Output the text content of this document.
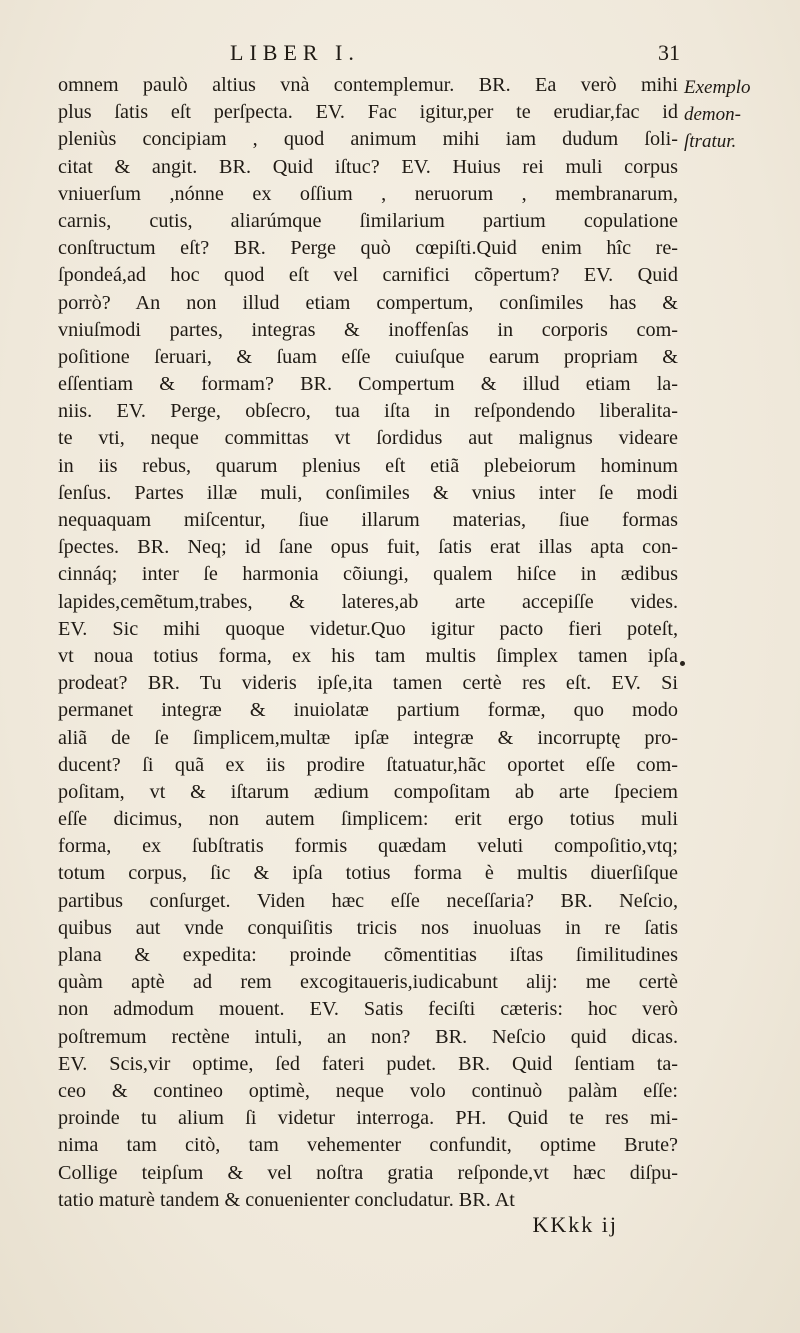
LIBER I.	31
omnem paulò altius vnà contemplemur. BR. Ea verò mihi
plus ſatis eſt perſpecta. EV. Fac igitur,per te erudiar,fac id
pleniùs concipiam , quod animum mihi iam dudum ſoli-
citat & angit. BR. Quid iſtuc? EV. Huius rei muli corpus
vniuerſum ,nónne ex oſſium , neruorum , membranarum,
carnis, cutis, aliarúmque ſimilarium partium copulatione
conſtructum eſt? BR. Perge quò cœpiſti.Quid enim hîc re-
ſpondeá,ad hoc quod eſt vel carnifici cõpertum? EV. Quid
porrò? An non illud etiam compertum, conſimiles has &
vniuſmodi partes, integras & inoffenſas in corporis com-
poſitione ſeruari, & ſuam eſſe cuiuſque earum propriam &
eſſentiam & formam? BR. Compertum & illud etiam la-
niis. EV. Perge, obſecro, tua iſta in reſpondendo liberalita-
te vti, neque committas vt ſordidus aut malignus videare
in iis rebus, quarum plenius eſt etiã plebeiorum hominum
ſenſus. Partes illæ muli, conſimiles & vnius inter ſe modi
nequaquam miſcentur, ſiue illarum materias, ſiue formas
ſpectes. BR. Neq; id ſane opus fuit, ſatis erat illas apta con-
cinnáq; inter ſe harmonia cõiungi, qualem hiſce in ædibus
lapides,cemẽtum,trabes, & lateres,ab arte accepiſſe vides.
EV. Sic mihi quoque videtur.Quo igitur pacto fieri poteſt,
vt noua totius forma, ex his tam multis ſimplex tamen ipſa
prodeat? BR. Tu videris ipſe,ita tamen certè res eſt. EV. Si
permanet integræ & inuiolatæ partium formæ, quo modo
aliã de ſe ſimplicem,multæ ipſæ integræ & incorruptę pro-
ducent? ſi quã ex iis prodire ſtatuatur,hãc oportet eſſe com-
poſitam, vt & iſtarum ædium compoſitam ab arte ſpeciem
eſſe dicimus, non autem ſimplicem: erit ergo totius muli
forma, ex ſubſtratis formis quædam veluti compoſitio,vtq;
totum corpus, ſic & ipſa totius forma è multis diuerſiſque
partibus conſurget. Viden hæc eſſe neceſſaria? BR. Neſcio,
quibus aut vnde conquiſitis tricis nos inuoluas in re ſatis
plana & expedita: proinde cõmentitias iſtas ſimilitudines
quàm aptè ad rem excogitaueris,iudicabunt alij: me certè
non admodum mouent. EV. Satis feciſti cæteris: hoc verò
poſtremum rectène intuli, an non? BR. Neſcio quid dicas.
EV. Scis,vir optime, ſed fateri pudet. BR. Quid ſentiam ta-
ceo & contineo optimè, neque volo continuò palàm eſſe:
proinde tu alium ſi videtur interroga. PH. Quid te res mi-
nima tam citò, tam vehementer confundit, optime Brute?
Collige teipſum & vel noſtra gratia reſponde,vt hæc diſpu-
tatio maturè tandem & conuenienter concludatur. BR. At
Exemplo
demon-
ſtratur.
KKkk ij
